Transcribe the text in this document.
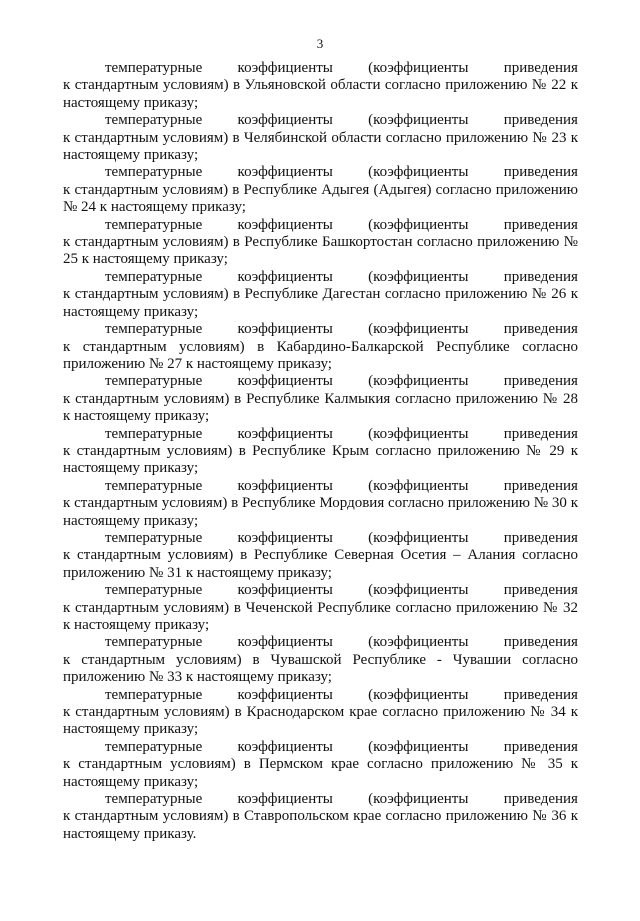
3
температурные коэффициенты (коэффициенты приведения
к стандартным условиям) в Ульяновской области согласно приложению № 22 к настоящему приказу;
температурные коэффициенты (коэффициенты приведения
к стандартным условиям) в Челябинской области согласно приложению № 23 к настоящему приказу;
температурные коэффициенты (коэффициенты приведения
к стандартным условиям) в Республике Адыгея (Адыгея) согласно приложению № 24 к настоящему приказу;
температурные коэффициенты (коэффициенты приведения
к стандартным условиям) в Республике Башкортостан согласно приложению № 25 к настоящему приказу;
температурные коэффициенты (коэффициенты приведения
к стандартным условиям) в Республике Дагестан согласно приложению № 26 к настоящему приказу;
температурные коэффициенты (коэффициенты приведения
к стандартным условиям) в Кабардино-Балкарской Республике согласно приложению № 27 к настоящему приказу;
температурные коэффициенты (коэффициенты приведения
к стандартным условиям) в Республике Калмыкия согласно приложению № 28 к настоящему приказу;
температурные коэффициенты (коэффициенты приведения
к стандартным условиям) в Республике Крым согласно приложению № 29 к настоящему приказу;
температурные коэффициенты (коэффициенты приведения
к стандартным условиям) в Республике Мордовия согласно приложению № 30 к настоящему приказу;
температурные коэффициенты (коэффициенты приведения
к стандартным условиям) в Республике Северная Осетия – Алания согласно приложению № 31 к настоящему приказу;
температурные коэффициенты (коэффициенты приведения
к стандартным условиям) в Чеченской Республике согласно приложению № 32 к настоящему приказу;
температурные коэффициенты (коэффициенты приведения
к стандартным условиям) в Чувашской Республике - Чувашии согласно приложению № 33 к настоящему приказу;
температурные коэффициенты (коэффициенты приведения
к стандартным условиям) в Краснодарском крае согласно приложению № 34 к настоящему приказу;
температурные коэффициенты (коэффициенты приведения
к стандартным условиям) в Пермском крае согласно приложению № 35 к настоящему приказу;
температурные коэффициенты (коэффициенты приведения
к стандартным условиям) в Ставропольском крае согласно приложению № 36 к настоящему приказу.
